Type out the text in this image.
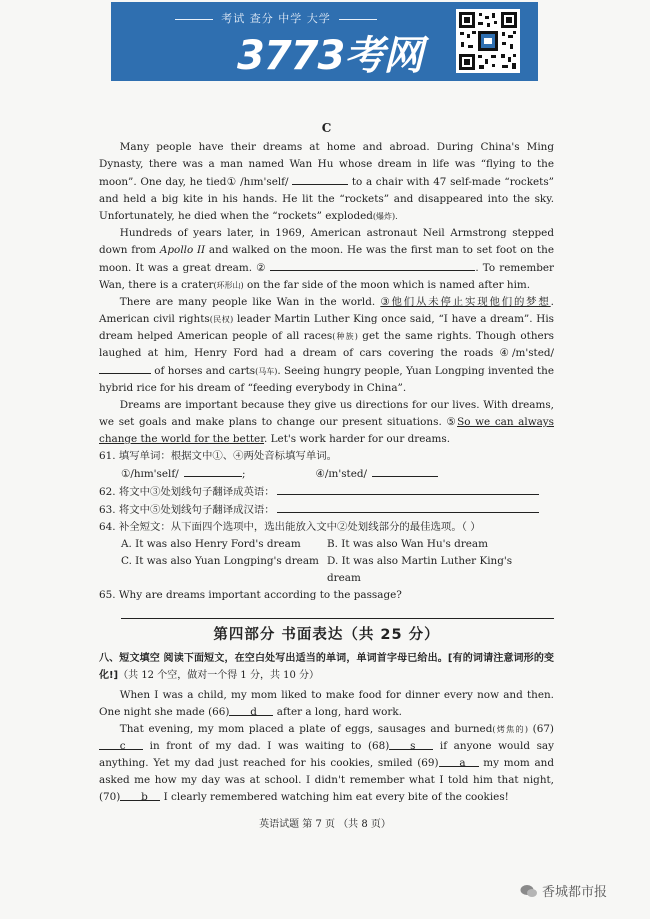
考试 查分 中学 大学
3773考网
C

Many people have their dreams at home and abroad. During China's Ming Dynasty, there was a man named Wan Hu whose dream in life was “flying to the moon”. One day, he tied① /hɪm'self/	to a chair with 47 self-made “rockets” and held a big kite in his hands. He lit the “rockets” and disappeared into the sky. Unfortunately, he died when the “rockets” exploded(爆炸).

Hundreds of years later, in 1969, American astronaut Neil Armstrong stepped down from Apollo II and walked on the moon. He was the first man to set foot on the moon. It was a great dream. ②	. To remember Wan, there is a crater(环形山) on the far side of the moon which is named after him.

There are many people like Wan in the world. ③他们从未停止实现他们的梦想. American civil rights(民权) leader Martin Luther King once said, “I have a dream”. His dream helped American people of all races(种族) get the same rights. Though others laughed at him, Henry Ford had a dream of cars covering the roads ④/m'sted/  of horses and carts(马车). Seeing hungry people, Yuan Longping invented the hybrid rice for his dream of “feeding everybody in China”.

Dreams are important because they give us directions for our lives. With dreams, we set goals and make plans to change our present situations. ⑤So we can always change the world for the better. Let's work harder for our dreams.

61. 填写单词：根据文中①、④两处音标填写单词。
①/hɪm'self/	;	④/ɪn'sted/
62. 将文中③处划线句子翻译成英语：
63. 将文中⑤处划线句子翻译成汉语：
64. 补全短文：从下面四个选项中，选出能放入文中②处划线部分的最佳选项。（ ）
A. It was also Henry Ford's dream	B. It was also Wan Hu's dream
C. It was also Yuan Longping's dream D. It was also Martin Luther King's dream
65. Why are dreams important according to the passage?
第四部分 书面表达（共 25 分）

八、短文填空 阅读下面短文，在空白处写出适当的单词，单词首字母已给出。[有的词请注意词形的变化!]（共 12 个空，做对一个得 1 分，共 10 分）

When I was a child, my mom liked to make food for dinner every now and then. One night she made (66) d after a long, hard work.

That evening, my mom placed a plate of eggs, sausages and burned(烤焦的) (67)c in front of my dad. I was waiting to (68) s if anyone would say anything. Yet my dad just reached for his cookies, smiled (69) a my mom and asked me how my day was at school. I didn't remember what I told him that night, (70) b I clearly remembered watching him eat every bite of the cookies!

英语试题 第 7 页 （共 8 页）
香城都市报
